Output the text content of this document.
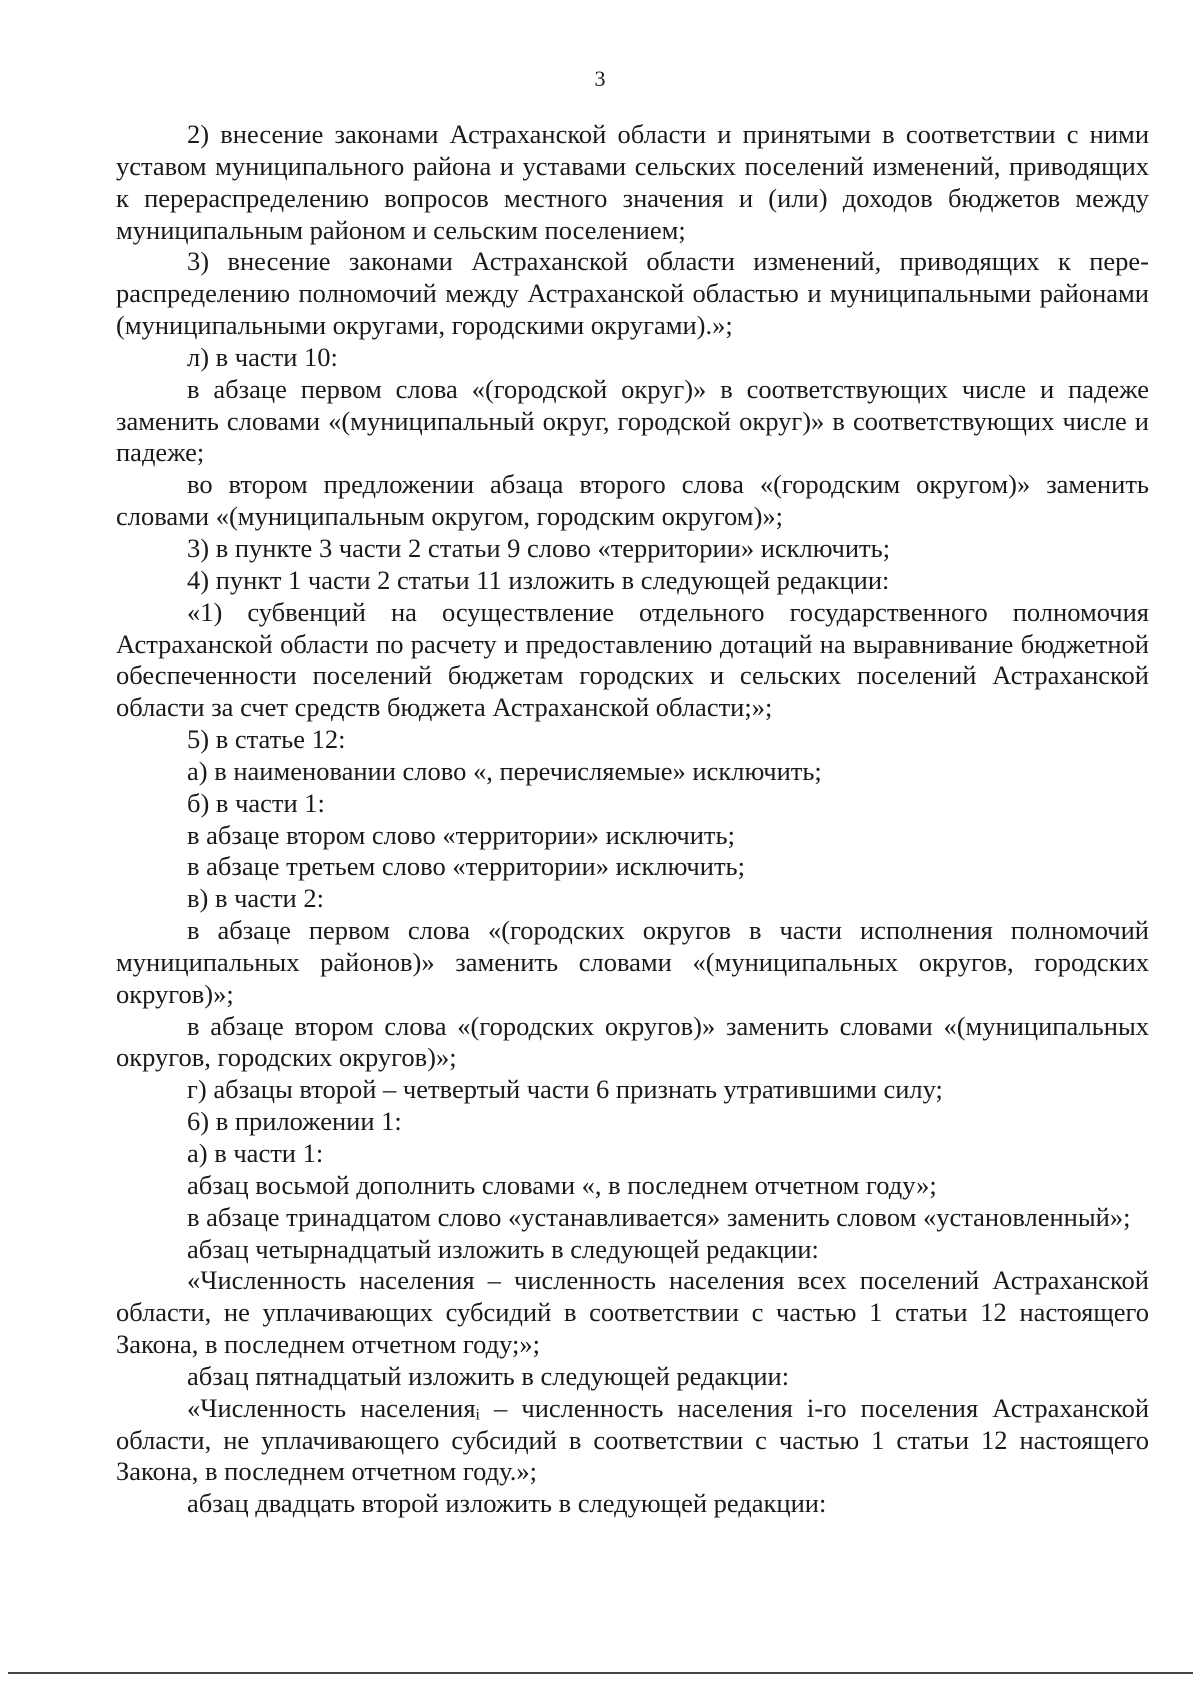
3

2) внесение законами Астраханской области и принятыми в соответствии с ними уставом муниципального района и уставами сельских поселений изменений, приводящих к перераспределению вопросов местного значения и (или) доходов бюджетов между муниципальным районом и сельским поселением;

3) внесение законами Астраханской области изменений, приводящих к перераспределению полномочий между Астраханской областью и муниципальными районами (муниципальными округами, городскими округами).»;

л) в части 10:

в абзаце первом слова «(городской округ)» в соответствующих числе и падеже заменить словами «(муниципальный округ, городской округ)» в соответствующих числе и падеже;

во втором предложении абзаца второго слова «(городским округом)» заменить словами «(муниципальным округом, городским округом)»;

3) в пункте 3 части 2 статьи 9 слово «территории» исключить;

4) пункт 1 части 2 статьи 11 изложить в следующей редакции:

«1) субвенций на осуществление отдельного государственного полномочия Астраханской области по расчету и предоставлению дотаций на выравнивание бюджетной обеспеченности поселений бюджетам городских и сельских поселений Астраханской области за счет средств бюджета Астраханской области;»;

5) в статье 12:

а) в наименовании слово «, перечисляемые» исключить;

б) в части 1:

в абзаце втором слово «территории» исключить;

в абзаце третьем слово «территории» исключить;

в) в части 2:

в абзаце первом слова «(городских округов в части исполнения полномочий муниципальных районов)» заменить словами «(муниципальных округов, городских округов)»;

в абзаце втором слова «(городских округов)» заменить словами «(муниципальных округов, городских округов)»;

г) абзацы второй – четвертый части 6 признать утратившими силу;

6) в приложении 1:

а) в части 1:

абзац восьмой дополнить словами «, в последнем отчетном году»;

в абзаце тринадцатом слово «устанавливается» заменить словом «установленный»;

абзац четырнадцатый изложить в следующей редакции:

«Численность населения – численность населения всех поселений Астраханской области, не уплачивающих субсидий в соответствии с частью 1 статьи 12 настоящего Закона, в последнем отчетном году;»;

абзац пятнадцатый изложить в следующей редакции:

«Численность населенияᵢ – численность населения i-го поселения Астраханской области, не уплачивающего субсидий в соответствии с частью 1 статьи 12 настоящего Закона, в последнем отчетном году.»;

абзац двадцать второй изложить в следующей редакции:
